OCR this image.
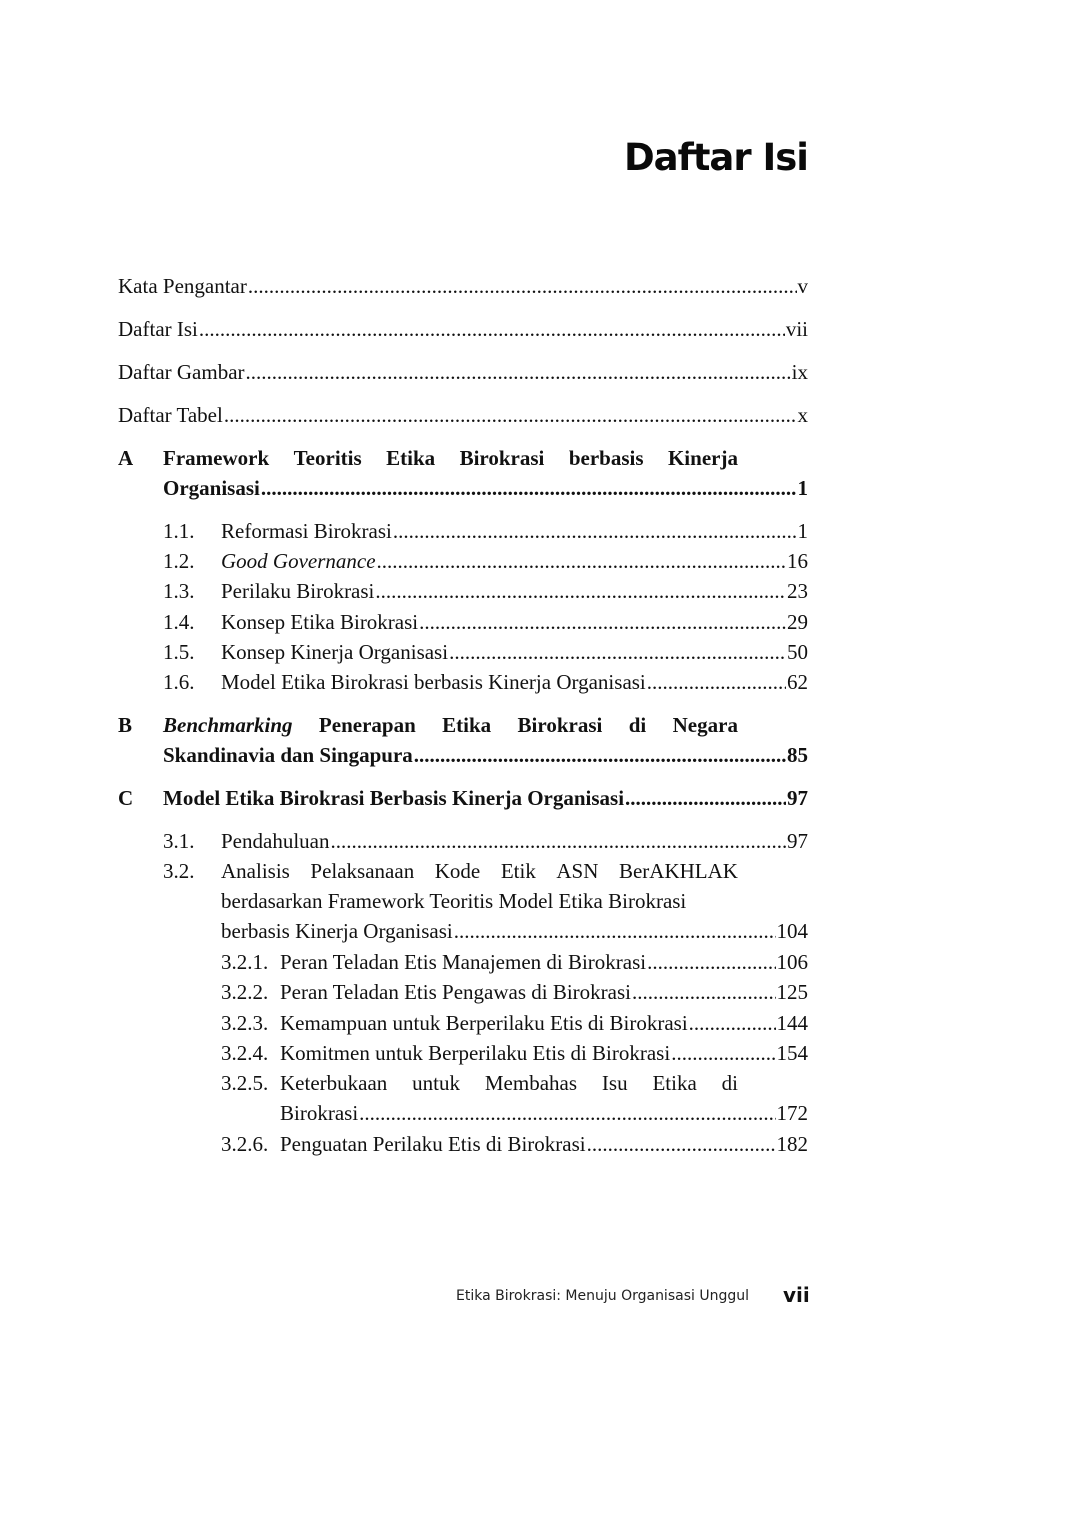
Daftar Isi
Kata Pengantar .....	v
Daftar Isi .....	vii
Daftar Gambar .....	ix
Daftar Tabel .....	x
A Framework Teoritis Etika Birokrasi berbasis Kinerja
Organisasi .....	1
1.1. Reformasi Birokrasi .....	1
1.2. Good Governance .....	16
1.3. Perilaku Birokrasi .....	23
1.4. Konsep Etika Birokrasi .....	29
1.5. Konsep Kinerja Organisasi .....	50
1.6. Model Etika Birokrasi berbasis Kinerja Organisasi .....	62
B Benchmarking Penerapan Etika Birokrasi di Negara
Skandinavia dan Singapura .....	85
C Model Etika Birokrasi Berbasis Kinerja Organisasi .....	97
3.1. Pendahuluan .....	97
3.2. Analisis Pelaksanaan Kode Etik ASN BerAKHLAK
berdasarkan Framework Teoritis Model Etika Birokrasi
berbasis Kinerja Organisasi .....	104
3.2.1. Peran Teladan Etis Manajemen di Birokrasi .....	106
3.2.2. Peran Teladan Etis Pengawas di Birokrasi .....	125
3.2.3. Kemampuan untuk Berperilaku Etis di Birokrasi .....	144
3.2.4. Komitmen untuk Berperilaku Etis di Birokrasi .....	154
3.2.5. Keterbukaan untuk Membahas Isu Etika di
Birokrasi .....	172
3.2.6. Penguatan Perilaku Etis di Birokrasi .....	182
Etika Birokrasi: Menuju Organisasi Unggul vii
